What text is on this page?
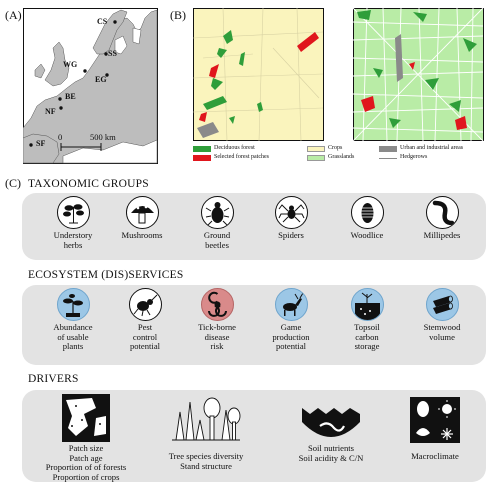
(A)	CS
SS
WG
EG
BE
NF
SF
0	500 km
(B)
Deciduous forest
Selected forest patches
Crops
Grasslands
Urban and industrial areas
Hedgerows
(C) TAXONOMIC GROUPS
Understory
herbs
Mushrooms	Ground
beetles
Spiders	Woodlice	Millipedes
ECOSYSTEM (DIS)SERVICES
Abundance
of usable
plants
Pest
control
potential
Tick-borne
disease
risk
Game
production
potential
Topsoil
carbon
storage
Stemwood
volume
DRIVERS
Patch size
Patch age
Proportion of of forests
Proportion of crops
Tree species diversity
Stand structure
Soil nutrients
Soil acidity & C/N	Macroclimate
